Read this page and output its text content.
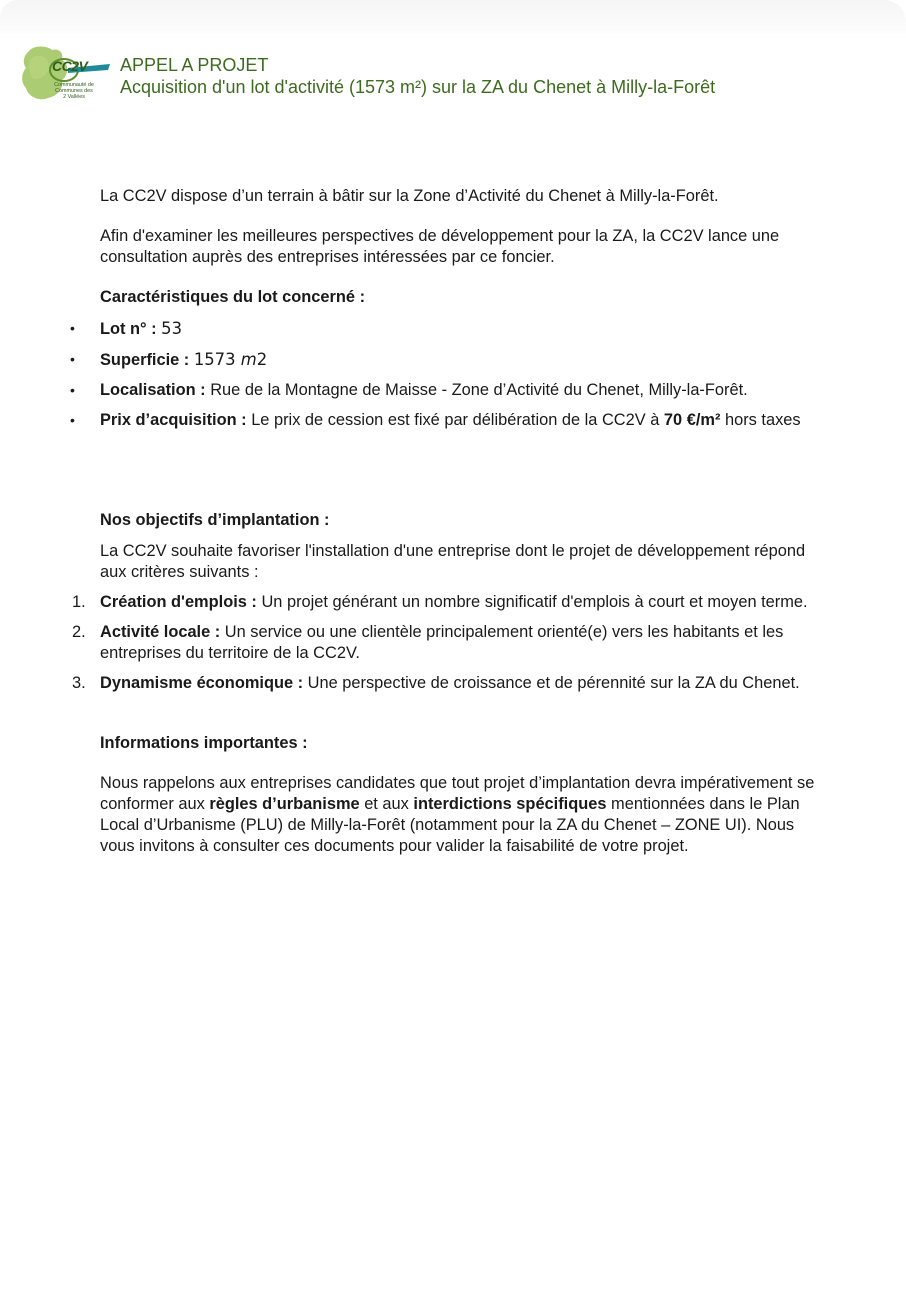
CC2V
Communauté de Communes des 2 Vallées
APPEL A PROJET
Acquisition d'un lot d'activité (1573 m²) sur la ZA du Chenet à Milly-la-Forêt

La CC2V dispose d’un terrain à bâtir sur la Zone d’Activité du Chenet à Milly-la-Forêt.

Afin d'examiner les meilleures perspectives de développement pour la ZA, la CC2V lance une consultation auprès des entreprises intéressées par ce foncier.

Caractéristiques du lot concerné :

•	Lot n° : 53
•	Superficie : 1573 m2
•	Localisation : Rue de la Montagne de Maisse - Zone d’Activité du Chenet, Milly-la-Forêt.
•	Prix d’acquisition : Le prix de cession est fixé par délibération de la CC2V à 70 €/m² hors taxes

Nos objectifs d’implantation :

La CC2V souhaite favoriser l'installation d'une entreprise dont le projet de développement répond aux critères suivants :

1. Création d'emplois : Un projet générant un nombre significatif d'emplois à court et moyen terme.
2. Activité locale : Un service ou une clientèle principalement orienté(e) vers les habitants et les entreprises du territoire de la CC2V.
3. Dynamisme économique : Une perspective de croissance et de pérennité sur la ZA du Chenet.

Informations importantes :

Nous rappelons aux entreprises candidates que tout projet d’implantation devra impérativement se conformer aux règles d’urbanisme et aux interdictions spécifiques mentionnées dans le Plan Local d’Urbanisme (PLU) de Milly-la-Forêt (notamment pour la ZA du Chenet – ZONE UI). Nous vous invitons à consulter ces documents pour valider la faisabilité de votre projet.
